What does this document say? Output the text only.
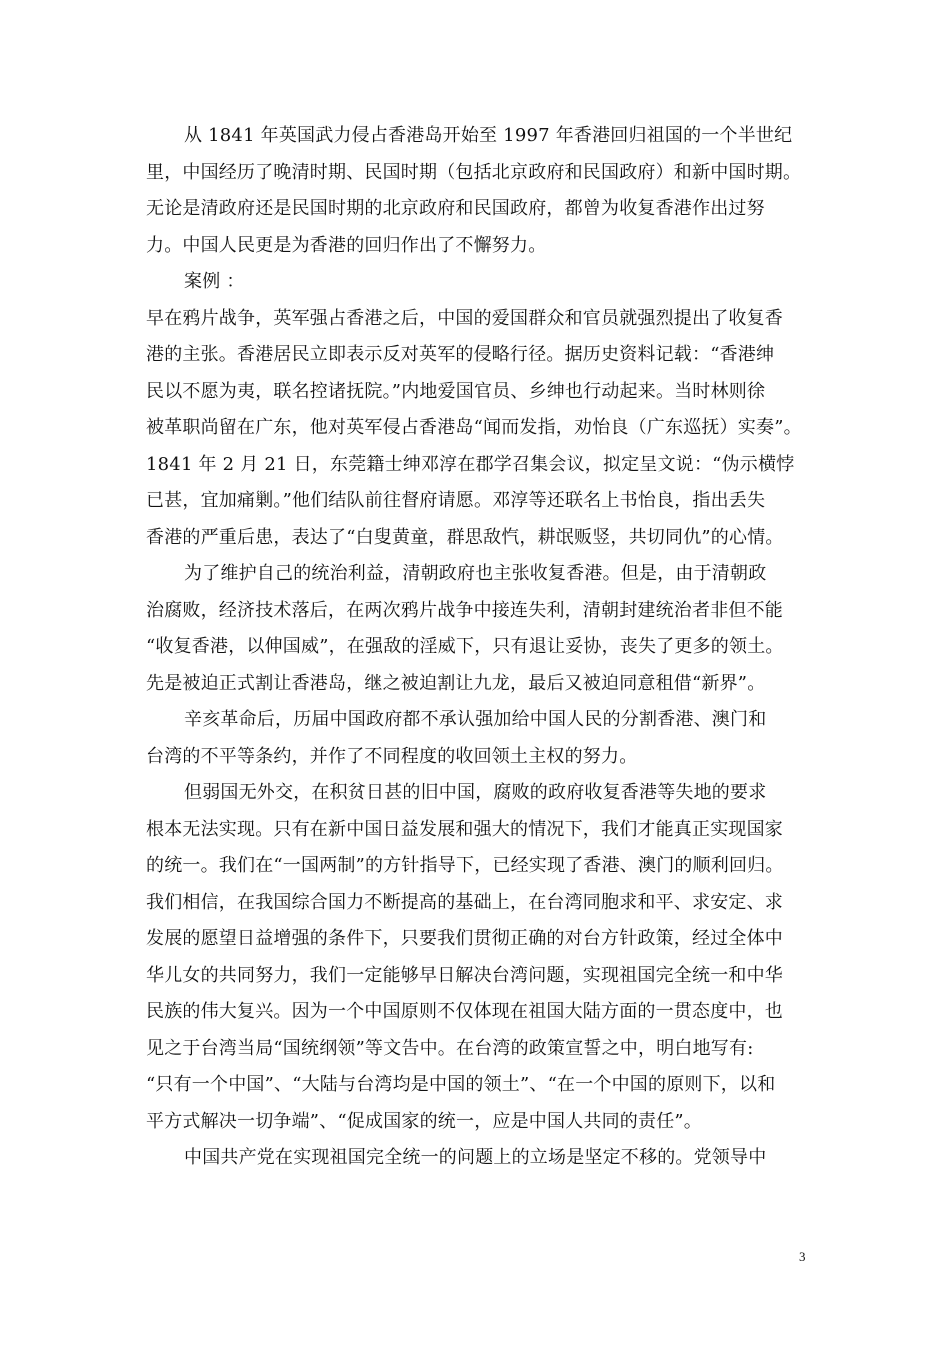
从 1841 年英国武力侵占香港岛开始至 1997 年香港回归祖国的一个半世纪
里，中国经历了晚清时期、民国时期（包括北京政府和民国政府）和新中国时期。
无论是清政府还是民国时期的北京政府和民国政府，都曾为收复香港作出过努
力。中国人民更是为香港的回归作出了不懈努力。
案例 ：
早在鸦片战争，英军强占香港之后，中国的爱国群众和官员就强烈提出了收复香
港的主张。香港居民立即表示反对英军的侵略行径。据历史资料记载：“香港绅
民以不愿为夷，联名控诸抚院。”内地爱国官员、乡绅也行动起来。当时林则徐
被革职尚留在广东，他对英军侵占香港岛“闻而发指，劝怡良（广东巡抚）实奏”。
1841 年 2 月 21 日，东莞籍士绅邓淳在郡学召集会议，拟定呈文说：“伪示横悖
已甚，宜加痛剿。”他们结队前往督府请愿。邓淳等还联名上书怡良，指出丢失
香港的严重后患，表达了“白叟黄童，群思敌忾，耕氓贩竖，共切同仇”的心情。
为了维护自己的统治利益，清朝政府也主张收复香港。但是，由于清朝政
治腐败，经济技术落后，在两次鸦片战争中接连失利，清朝封建统治者非但不能
“收复香港，以伸国威”，在强敌的淫威下，只有退让妥协，丧失了更多的领土。
先是被迫正式割让香港岛，继之被迫割让九龙，最后又被迫同意租借“新界”。
辛亥革命后，历届中国政府都不承认强加给中国人民的分割香港、澳门和
台湾的不平等条约，并作了不同程度的收回领土主权的努力。
但弱国无外交，在积贫日甚的旧中国，腐败的政府收复香港等失地的要求
根本无法实现。只有在新中国日益发展和强大的情况下，我们才能真正实现国家
的统一。我们在“一国两制”的方针指导下，已经实现了香港、澳门的顺利回归。
我们相信，在我国综合国力不断提高的基础上，在台湾同胞求和平、求安定、求
发展的愿望日益增强的条件下，只要我们贯彻正确的对台方针政策，经过全体中
华儿女的共同努力，我们一定能够早日解决台湾问题，实现祖国完全统一和中华
民族的伟大复兴。因为一个中国原则不仅体现在祖国大陆方面的一贯态度中，也
见之于台湾当局“国统纲领”等文告中。在台湾的政策宣誓之中，明白地写有:
“只有一个中国”、“大陆与台湾均是中国的领土”、“在一个中国的原则下，以和
平方式解决一切争端”、“促成国家的统一，应是中国人共同的责任”。
中国共产党在实现祖国完全统一的问题上的立场是坚定不移的。党领导中
3
